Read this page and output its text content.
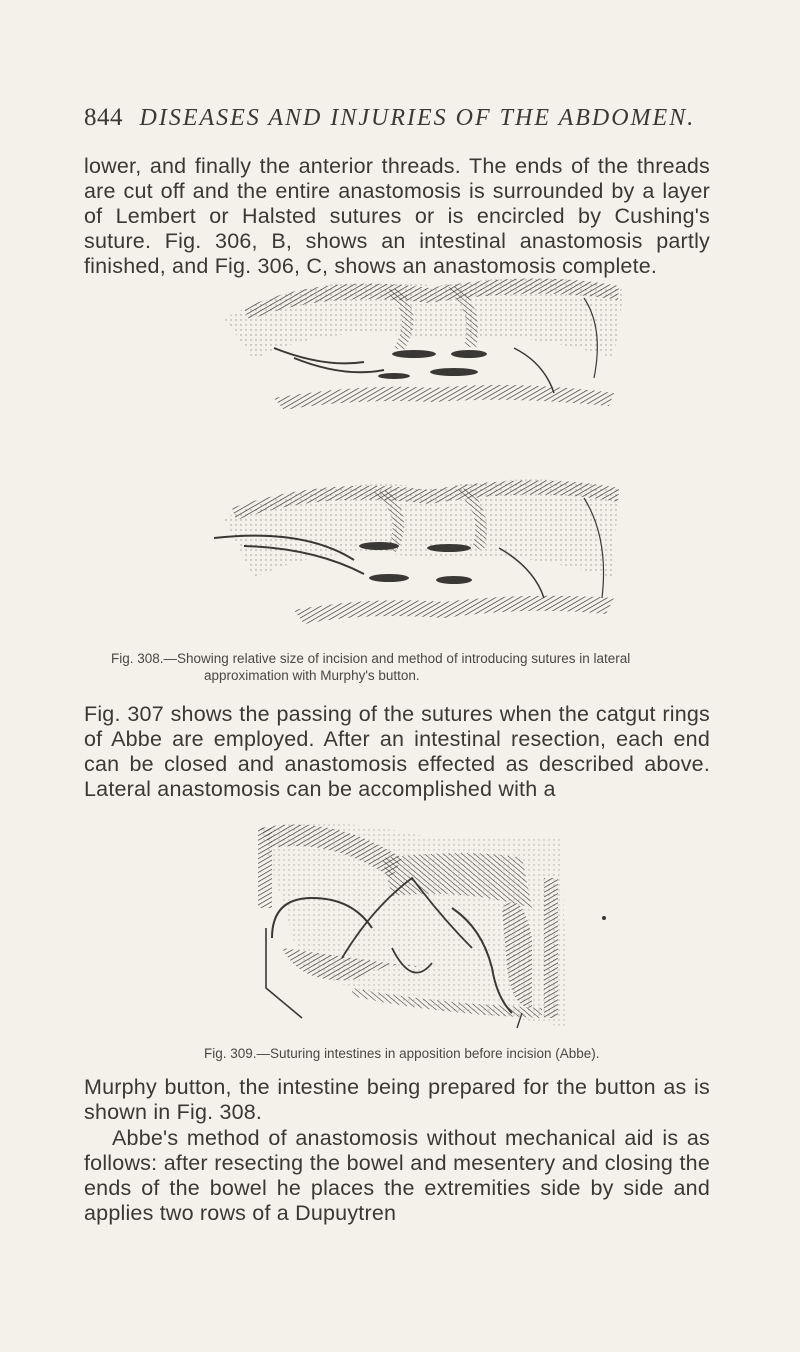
844 DISEASES AND INJURIES OF THE ABDOMEN.

lower, and finally the anterior threads. The ends of the threads are cut off and the entire anastomosis is surrounded by a layer of Lembert or Halsted sutures or is encircled by Cushing's suture. Fig. 306, B, shows an intestinal anastomosis partly finished, and Fig. 306, C, shows an anastomosis complete.

Fig. 308.—Showing relative size of incision and method of introducing sutures in lateral
approximation with Murphy's button.

Fig. 307 shows the passing of the sutures when the catgut rings of Abbe are employed. After an intestinal resection, each end can be closed and anastomosis effected as described above. Lateral anastomosis can be accomplished with a

Fig. 309.—Suturing intestines in apposition before incision (Abbe).

Murphy button, the intestine being prepared for the button as is shown in Fig. 308.

Abbe's method of anastomosis without mechanical aid is as follows: after resecting the bowel and mesentery and closing the ends of the bowel he places the extremities side by side and applies two rows of a Dupuytren
